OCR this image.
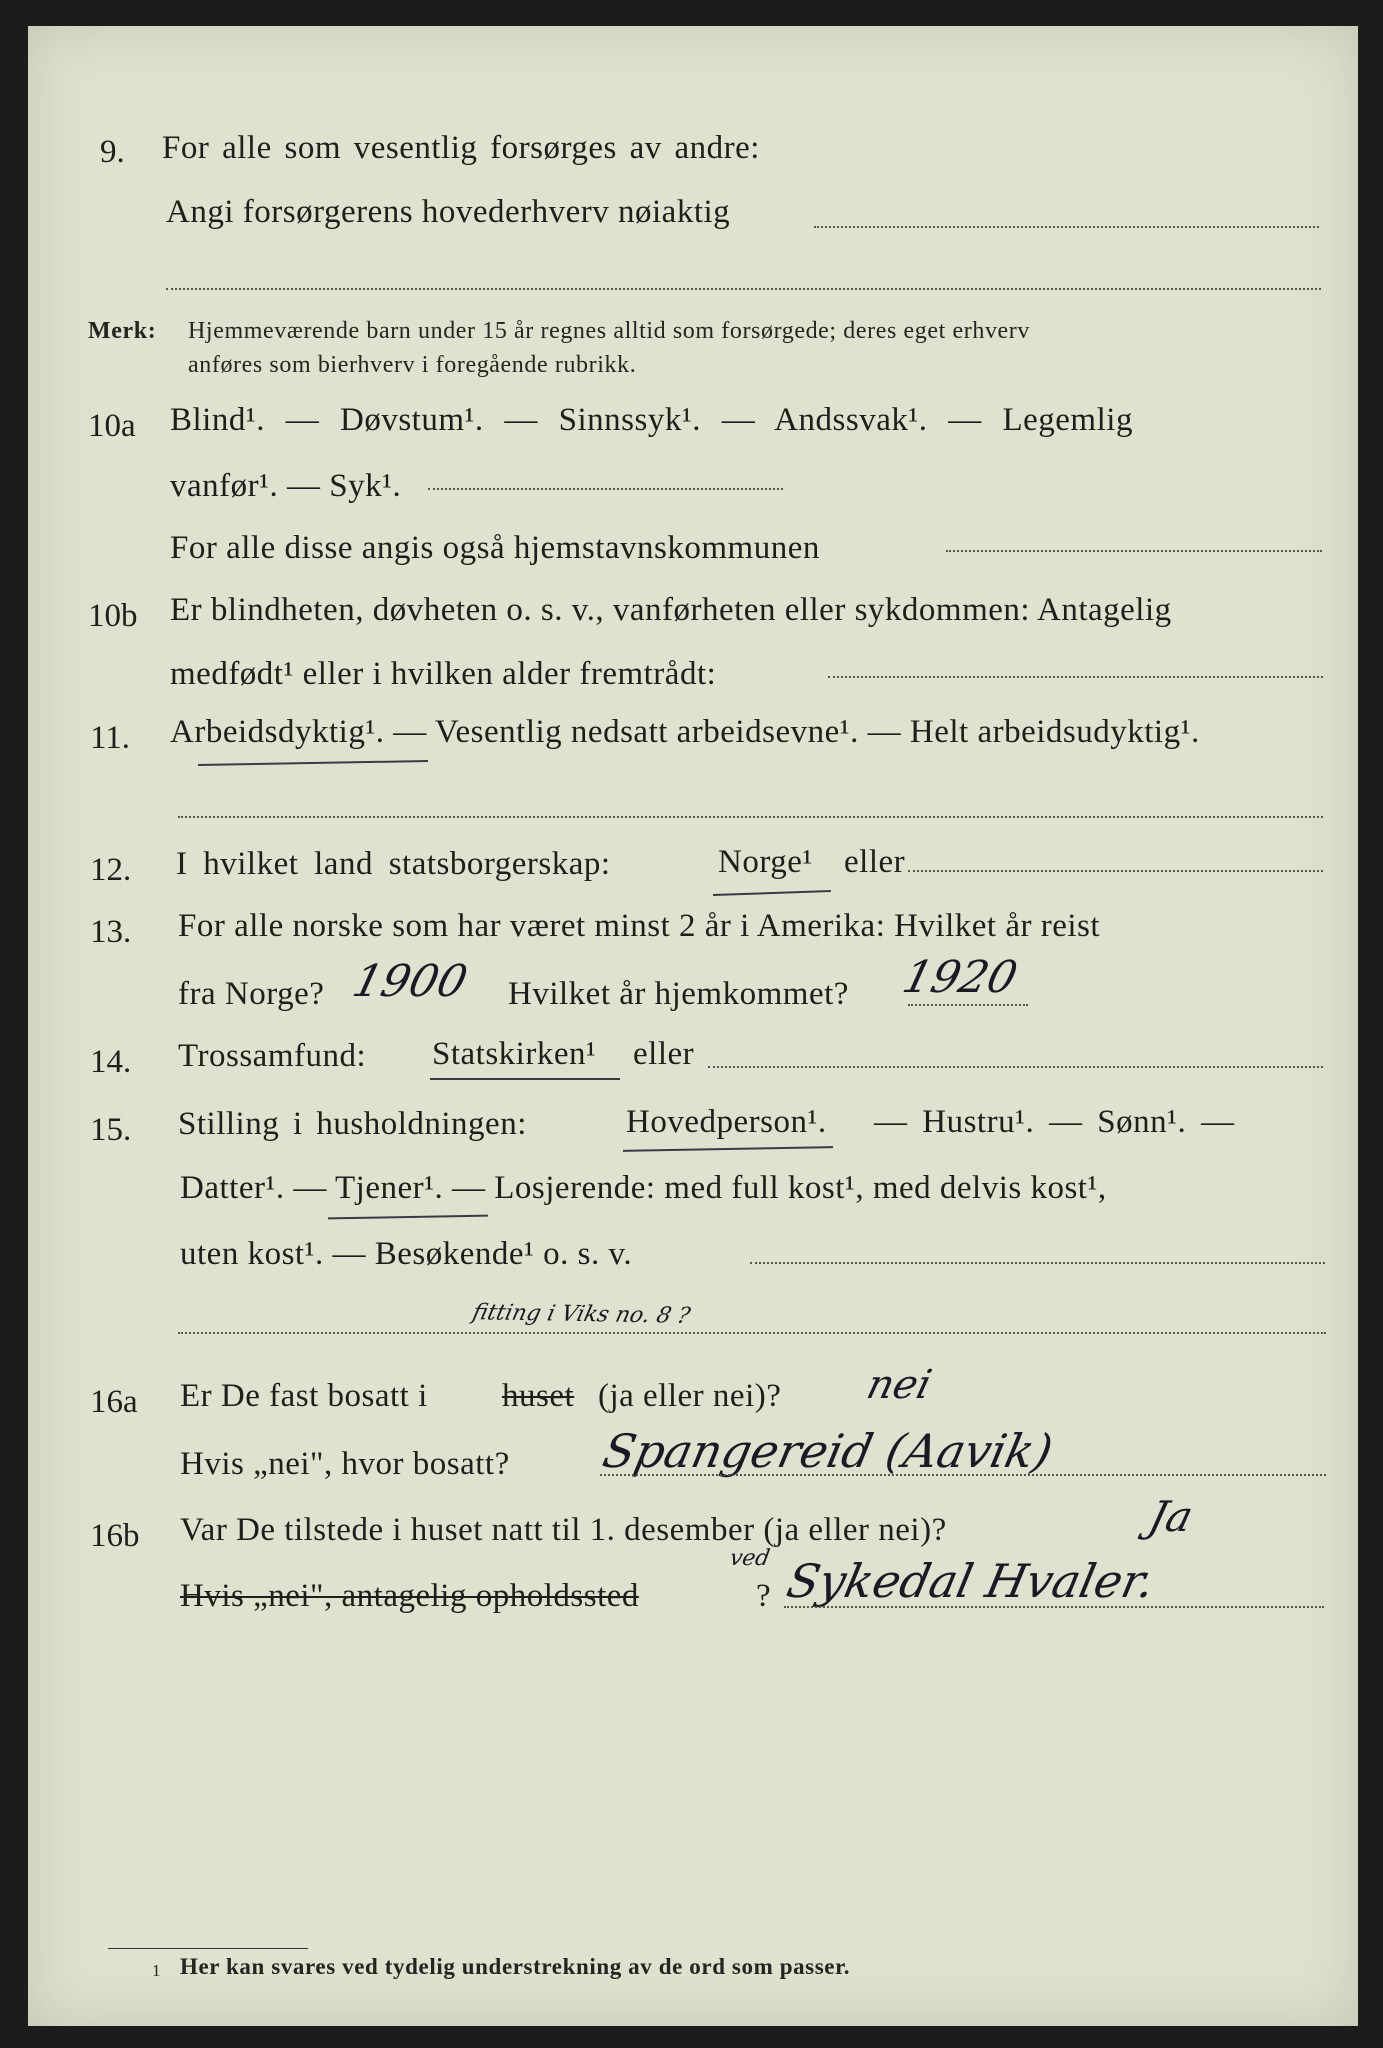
9. For alle som vesentlig forsørges av andre:
Angi forsørgerens hovederhverv nøiaktig
Merk: Hjemmeværende barn under 15 år regnes alltid som forsørgede; deres eget erhverv
anføres som bierhverv i foregående rubrikk.
10a Blind¹. — Døvstum¹. — Sinnssyk¹. — Andssvak¹. — Legemlig
vanfør¹. — Syk¹.
For alle disse angis også hjemstavnskommunen
10b Er blindheten, døvheten o. s. v., vanførheten eller sykdommen: Antagelig
medfødt¹ eller i hvilken alder fremtrådt:
11. Arbeidsdyktig¹. — Vesentlig nedsatt arbeidsevne¹. — Helt arbeidsudyktig¹.
12. I hvilket land statsborgerskap:	Norge¹ eller
13. For alle norske som har været minst 2 år i Amerika: Hvilket år reist
fra Norge? 1900 Hvilket år hjemkommet? 1920
14. Trossamfund: Statskirken¹ eller
15. Stilling i husholdningen:	Hovedperson¹. — Hustru¹. — Sønn¹. —
Datter¹. — Tjener¹. — Losjerende: med full kost¹, med delvis kost¹,
uten kost¹. — Besøkende¹ o. s. v.
fitting i Viks no. 8 ?
16a Er De fast bosatt i huset (ja eller nei)? nei
Hvis „nei", hvor bosatt? Spangereid (Aavik)
16b Var De tilstede i huset natt til 1. desember (ja eller nei)?	Ja
Hvis „nei", antagelig opholdssted	?
ved Sykedal Hvaler.
1 Her kan svares ved tydelig understrekning av de ord som passer.
